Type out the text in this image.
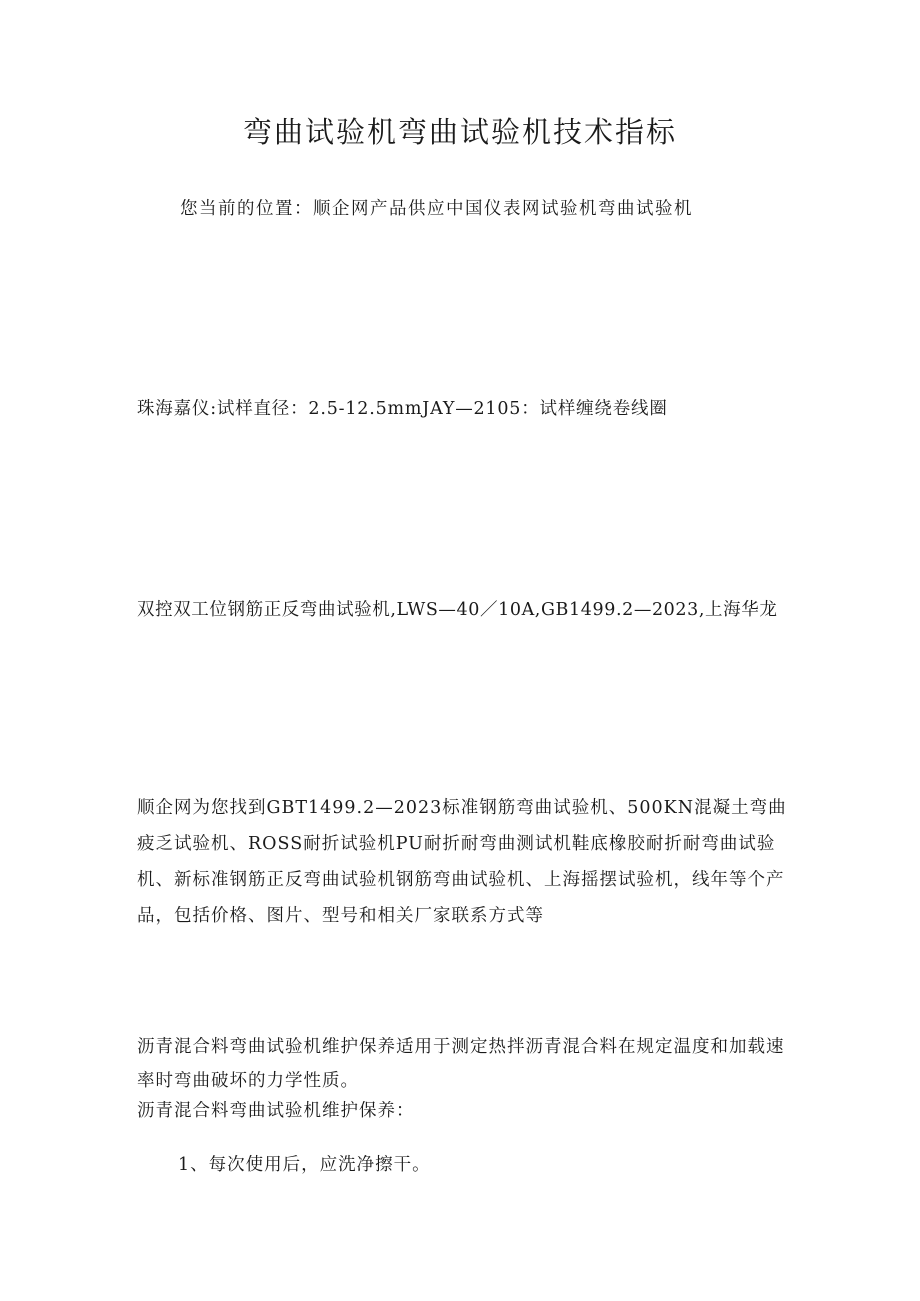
弯曲试验机弯曲试验机技术指标
您当前的位置：顺企网产品供应中国仪表网试验机弯曲试验机

珠海嘉仪:试样直径：2.5-12.5mmJAY—2105：试样缠绕卷线圈

双控双工位钢筋正反弯曲试验机,LWS—40／10A,GB1499.2—2023,上海华龙

顺企网为您找到GBT1499.2—2023标准钢筋弯曲试验机、500KN混凝土弯曲疲乏试验机、ROSS耐折试验机PU耐折耐弯曲测试机鞋底橡胶耐折耐弯曲试验机、新标准钢筋正反弯曲试验机钢筋弯曲试验机、上海摇摆试验机，线年等个产品，包括价格、图片、型号和相关厂家联系方式等

沥青混合料弯曲试验机维护保养适用于测定热拌沥青混合料在规定温度和加载速率时弯曲破坏的力学性质。

沥青混合料弯曲试验机维护保养：

1、每次使用后，应洗净擦干。
